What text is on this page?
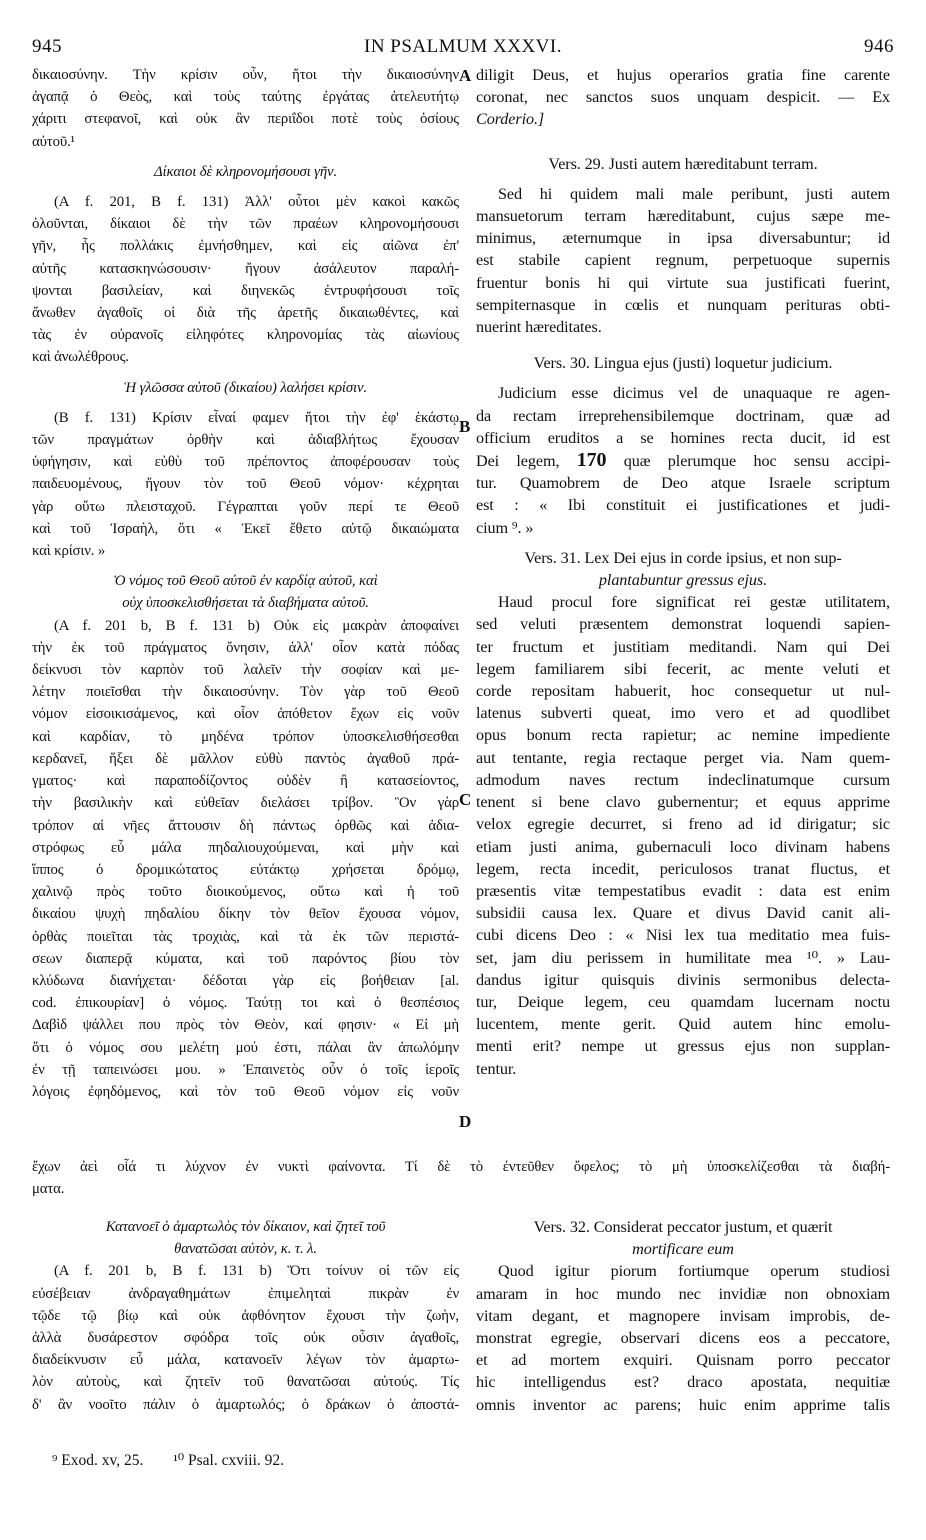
945	IN PSALMUM XXXVI.	946
δικαιοσύνην. Τὴν κρίσιν οὖν, ἤτοι τὴν δικαιοσύνην
ἀγαπᾷ ὁ Θεὸς, καὶ τοὺς ταύτης ἐργάτας ἀτελευτήτῳ
χάριτι στεφανοῖ, καὶ οὐκ ἂν περιΐδοι ποτὲ τοὺς ὁσίους
αὐτοῦ.¹
Δίκαιοι δὲ κληρονομήσουσι γῆν.
(A f. 201, B f. 131) Ἀλλ' οὗτοι μὲν κακοὶ κακῶς
ὀλοῦνται, δίκαιοι δὲ τὴν τῶν πραέων κληρονομήσουσι
γῆν, ἧς πολλάκις ἐμνήσθημεν, καὶ εἰς αἰῶνα ἐπ'
αὐτῆς κατασκηνώσουσιν· ἤγουν ἀσάλευτον παραλή-
ψονται βασιλείαν, καὶ διηνεκῶς ἐντρυφήσουσι τοῖς
ἄνωθεν ἀγαθοῖς οἱ διὰ τῆς ἀρετῆς δικαιωθέντες, καὶ
τὰς ἐν οὐρανοῖς εἰληφότες κληρονομίας τὰς αἰωνίους
καὶ ἀνωλέθρους.
Ἡ γλῶσσα αὐτοῦ (δικαίου) λαλήσει κρίσιν.
(B f. 131) Κρίσιν εἶναί φαμεν ἤτοι τὴν ἐφ' ἑκάστῳ
τῶν πραγμάτων ὀρθὴν καὶ ἀδιαβλήτως ἔχουσαν
ὑφήγησιν, καὶ εὐθὺ τοῦ πρέποντος ἀποφέρουσαν τοὺς
παιδευομένους, ἤγουν τὸν τοῦ Θεοῦ νόμον· κέχρηται
γὰρ οὕτω πλεισταχοῦ. Γέγραπται γοῦν περί τε Θεοῦ
καὶ τοῦ Ἰσραὴλ, ὅτι « Ἐκεῖ ἔθετο αὐτῷ δικαιώματα
καὶ κρίσιν. »
Ὁ νόμος τοῦ Θεοῦ αὐτοῦ ἐν καρδίᾳ αὐτοῦ, καὶ
οὐχ ὑποσκελισθήσεται τὰ διαβήματα αὐτοῦ.
(A f. 201 b, B f. 131 b) Οὐκ εἰς μακρὰν ἀποφαίνει
τὴν ἐκ τοῦ πράγματος ὄνησιν, ἀλλ' οἷον κατὰ πόδας
δείκνυσι τὸν καρπὸν τοῦ λαλεῖν τὴν σοφίαν καὶ με-
λέτην ποιεῖσθαι τὴν δικαιοσύνην. Τὸν γὰρ τοῦ Θεοῦ
νόμον εἰσοικισάμενος, καὶ οἷον ἀπόθετον ἔχων εἰς νοῦν
καὶ καρδίαν, τὸ μηδένα τρόπον ὑποσκελισθήσεσθαι
κερδανεῖ, ἥξει δὲ μᾶλλον εὐθὺ παντὸς ἀγαθοῦ πρά-
γματος· καὶ παραποδίζοντος οὐδὲν ἢ κατασείοντος,
τὴν βασιλικὴν καὶ εὐθεῖαν διελάσει τρίβον. Ὃν γὰρ
τρόπον αἱ νῆες ἄττουσιν δὴ πάντως ὀρθῶς καὶ ἀδια-
στρόφως εὖ μάλα πηδαλιουχούμεναι, καὶ μὴν καὶ
ἵππος ὁ δρομικώτατος εὐτάκτῳ χρήσεται δρόμῳ,
χαλινῷ πρὸς τοῦτο διοικούμενος, οὕτω καὶ ἡ τοῦ
δικαίου ψυχὴ πηδαλίου δίκην τὸν θεῖον ἔχουσα νόμον,
ὀρθὰς ποιεῖται τὰς τροχιὰς, καὶ τὰ ἐκ τῶν περιστά-
σεων διαπερᾷ κύματα, καὶ τοῦ παρόντος βίου τὸν
κλύδωνα διανήχεται· δέδοται γὰρ εἰς βοήθειαν [al.
cod. ἐπικουρίαν] ὁ νόμος. Ταύτῃ τοι καὶ ὁ θεσπέσιος
Δαβὶδ ψάλλει που πρὸς τὸν Θεὸν, καί φησιν· « Εἰ μὴ
ὅτι ὁ νόμος σου μελέτη μού ἐστι, πάλαι ἂν ἀπωλόμην
ἐν τῇ ταπεινώσει μου. » Ἐπαινετὸς οὖν ὁ τοῖς ἱεροῖς
λόγοις ἐφηδόμενος, καὶ τὸν τοῦ Θεοῦ νόμον εἰς νοῦν
diligit Deus, et hujus operarios gratia fine carente
coronat, nec sanctos suos unquam despicit. — Ex
Corderio.]
Vers. 29. Justi autem hæreditabunt terram.
Sed hi quidem mali male peribunt, justi autem
mansuetorum terram hæreditabunt, cujus sæpe me-
minimus, æternumque in ipsa diversabuntur; id
est stabile capient regnum, perpetuoque supernis
fruentur bonis hi qui virtute sua justificati fuerint,
sempiternasque in cœlis et nunquam perituras obti-
nuerint hæreditates.
Vers. 30. Lingua ejus (justi) loquetur judicium.
Judicium esse dicimus vel de unaquaque re agen-
da rectam irreprehensibilemque doctrinam, quæ ad
officium eruditos a se homines recta ducit, id est
Dei legem, 170 quæ plerumque hoc sensu accipi-
tur. Quamobrem de Deo atque Israele scriptum
est : « Ibi constituit ei justificationes et judi-
cium ⁹. »
Vers. 31. Lex Dei ejus in corde ipsius, et non sup-
plantabuntur gressus ejus.
Haud procul fore significat rei gestæ utilitatem,
sed veluti præsentem demonstrat loquendi sapien-
ter fructum et justitiam meditandi. Nam qui Dei
legem familiarem sibi fecerit, ac mente veluti et
corde repositam habuerit, hoc consequetur ut nul-
latenus subverti queat, imo vero et ad quodlibet
opus bonum recta rapietur; ac nemine impediente
aut tentante, regia rectaque perget via. Nam quem-
admodum naves rectum indeclinatumque cursum
tenent si bene clavo gubernentur; et equus apprime
velox egregie decurret, si freno ad id dirigatur; sic
etiam justi anima, gubernaculi loco divinam habens
legem, recta incedit, periculosos tranat fluctus, et
præsentis vitæ tempestatibus evadit : data est enim
subsidii causa lex. Quare et divus David canit ali-
cubi dicens Deo : « Nisi lex tua meditatio mea fuis-
set, jam diu perissem in humilitate mea ¹⁰. » Lau-
dandus igitur quisquis divinis sermonibus delecta-
tur, Deique legem, ceu quamdam lucernam noctu
lucentem, mente gerit. Quid autem hinc emolu-
menti erit? nempe ut gressus ejus non supplan-
tentur.
A
B
C
D
ἔχων ἀεὶ οἷά τι λύχνον ἐν νυκτὶ φαίνοντα. Τί δὲ τὸ ἐντεῦθεν ὄφελος; τὸ μὴ ὑποσκελίζεσθαι τὰ διαβή-
ματα.
Κατανοεῖ ὁ ἁμαρτωλὸς τὸν δίκαιον, καὶ ζητεῖ τοῦ
θανατῶσαι αὐτὸν, κ. τ. λ.
(A f. 201 b, B f. 131 b) Ὅτι τοίνυν οἱ τῶν εἰς
εὐσέβειαν ἀνδραγαθημάτων ἐπιμεληταὶ πικρὰν ἐν
τῷδε τῷ βίῳ καὶ οὐκ ἀφθόνητον ἔχουσι τὴν ζωὴν,
ἀλλὰ δυσάρεστον σφόδρα τοῖς οὐκ οὖσιν ἀγαθοῖς,
διαδείκνυσιν εὖ μάλα, κατανοεῖν λέγων τὸν ἁμαρτω-
λὸν αὐτοὺς, καὶ ζητεῖν τοῦ θανατῶσαι αὐτούς. Τίς
δ' ἂν νοοῖτο πάλιν ὁ ἁμαρτωλός; ὁ δράκων ὁ ἀποστά-
Vers. 32. Considerat peccator justum, et quærit
mortificare eum
Quod igitur piorum fortiumque operum studiosi
amaram in hoc mundo nec invidiæ non obnoxiam
vitam degant, et magnopere invisam improbis, de-
monstrat egregie, observari dicens eos a peccatore,
et ad mortem exquiri. Quisnam porro peccator
hic intelligendus est? draco apostata, nequitiæ
omnis inventor ac parens; huic enim apprime talis
⁹ Exod. xv, 25. ¹⁰ Psal. cxviii. 92.
